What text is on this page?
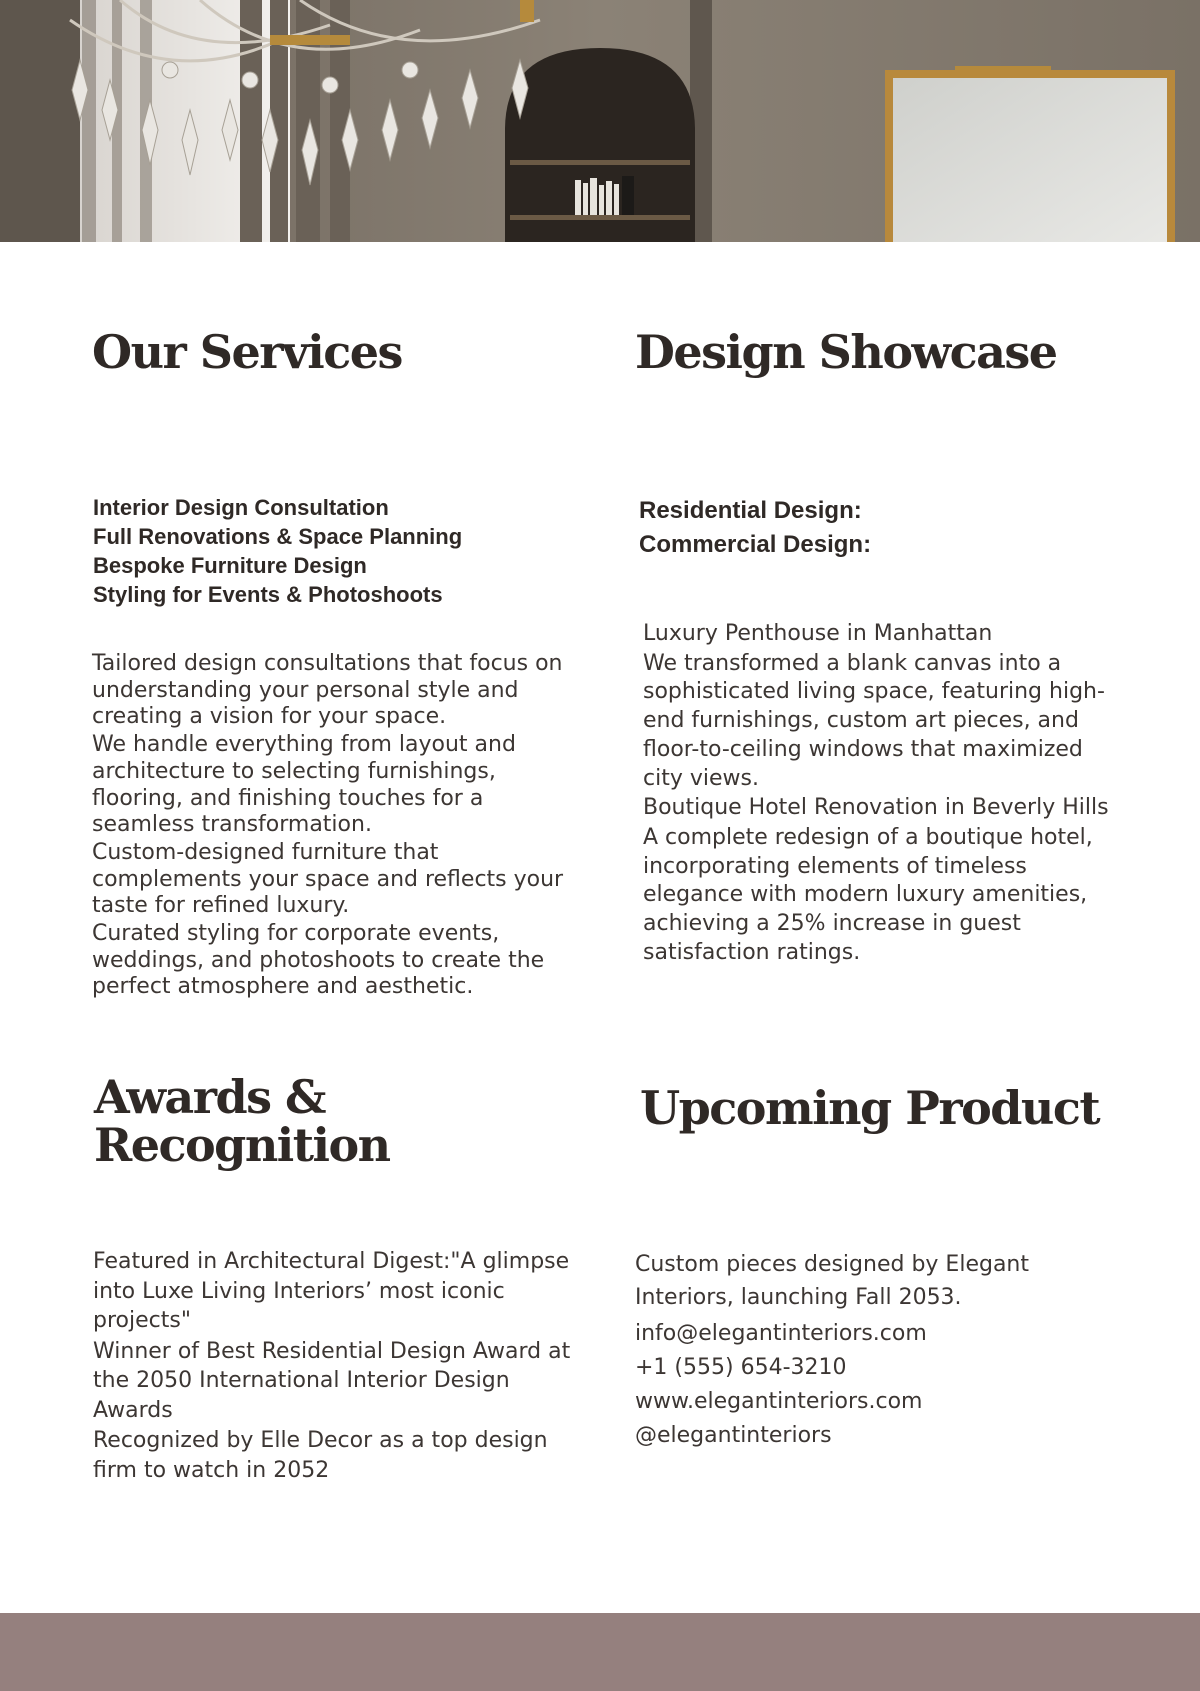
Our Services
Interior Design Consultation
Full Renovations & Space Planning
Bespoke Furniture Design
Styling for Events & Photoshoots
Tailored design consultations that focus on understanding your personal style and creating a vision for your space.
We handle everything from layout and architecture to selecting furnishings, flooring, and finishing touches for a seamless transformation.
Custom-designed furniture that complements your space and reflects your taste for refined luxury.
Curated styling for corporate events, weddings, and photoshoots to create the perfect atmosphere and aesthetic.
Design Showcase
Residential Design:
Commercial Design:
Luxury Penthouse in Manhattan
We transformed a blank canvas into a sophisticated living space, featuring high-end furnishings, custom art pieces, and floor-to-ceiling windows that maximized city views.
Boutique Hotel Renovation in Beverly Hills
A complete redesign of a boutique hotel, incorporating elements of timeless elegance with modern luxury amenities, achieving a 25% increase in guest satisfaction ratings.
Awards &
Recognition
Featured in Architectural Digest:"A glimpse into Luxe Living Interiors’ most iconic projects"
Winner of Best Residential Design Award at the 2050 International Interior Design Awards
Recognized by Elle Decor as a top design firm to watch in 2052
Upcoming Product
Custom pieces designed by Elegant Interiors, launching Fall 2053.
info@elegantinteriors.com
+1 (555) 654-3210
www.elegantinteriors.com
@elegantinteriors
